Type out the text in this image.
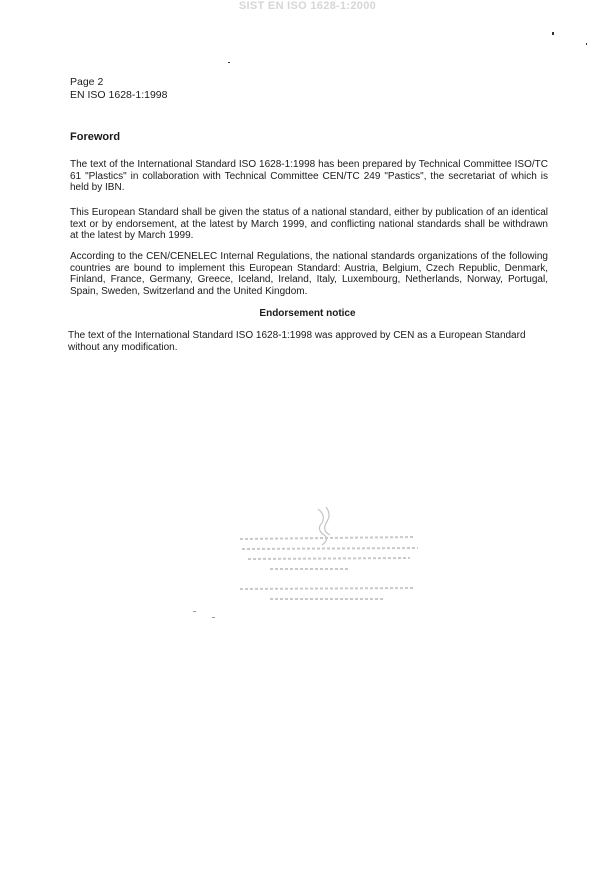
SIST EN ISO 1628-1:2000
Page 2
EN ISO 1628-1:1998
Foreword
The text of the International Standard ISO 1628-1:1998 has been prepared by Technical Committee ISO/TC 61 "Plastics" in collaboration with Technical Committee CEN/TC 249 "Pastics", the secretariat of which is held by IBN.
This European Standard shall be given the status of a national standard, either by publication of an identical text or by endorsement, at the latest by March 1999, and conflicting national standards shall be withdrawn at the latest by March 1999.
According to the CEN/CENELEC Internal Regulations, the national standards organizations of the following countries are bound to implement this European Standard: Austria, Belgium, Czech Republic, Denmark, Finland, France, Germany, Greece, Iceland, Ireland, Italy, Luxembourg, Netherlands, Norway, Portugal, Spain, Sweden, Switzerland and the United Kingdom.
Endorsement notice
The text of the International Standard ISO 1628-1:1998 was approved by CEN as a European Standard without any modification.
